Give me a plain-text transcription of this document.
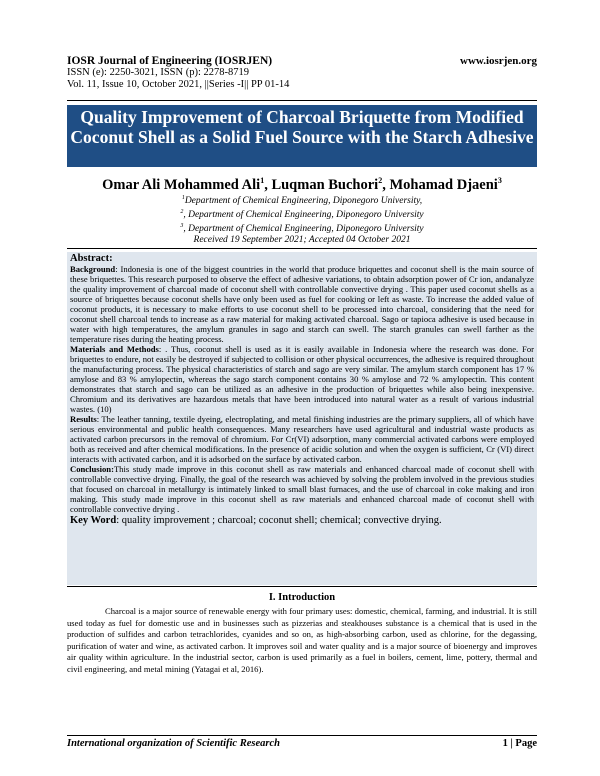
IOSR Journal of Engineering (IOSRJEN)	www.iosrjen.org
ISSN (e): 2250-3021, ISSN (p): 2278-8719
Vol. 11, Issue 10, October 2021, ||Series -I|| PP 01-14
Quality Improvement of Charcoal Briquette from Modified Coconut Shell as a Solid Fuel Source with the Starch Adhesive
Omar Ali Mohammed Ali$^1$, Luqman Buchori$^2$, Mohamad Djaeni$^3$
$^1$Department of Chemical Engineering, Diponegoro University,
$^2$, Department of Chemical Engineering, Diponegoro University
$^3$, Department of Chemical Engineering, Diponegoro University
Received 19 September 2021; Accepted 04 October 2021
Abstract:

Background: Indonesia is one of the biggest countries in the world that produce briquettes and coconut shell is the main source of these briquettes. This research purposed to observe the effect of adhesive variations, to obtain adsorption power of Cr ion, andanalyze the quality improvement of charcoal made of coconut shell with controllable convective drying . This paper used coconut shells as a source of briquettes because coconut shells have only been used as fuel for cooking or left as waste. To increase the added value of coconut products, it is necessary to make efforts to use coconut shell to be processed into charcoal, considering that the need for coconut shell charcoal tends to increase as a raw material for making activated charcoal. Sago or tapioca adhesive is used because in water with high temperatures, the amylum granules in sago and starch can swell. The starch granules can swell farther as the temperature rises during the heating process.

Materials and Methods: . Thus, coconut shell is used as it is easily available in Indonesia where the research was done. For briquettes to endure, not easily be destroyed if subjected to collision or other physical occurrences, the adhesive is required throughout the manufacturing process. The physical characteristics of starch and sago are very similar. The amylum starch component has 17 % amylose and 83 % amylopectin, whereas the sago starch component contains 30 % amylose and 72 % amylopectin. This content demonstrates that starch and sago can be utilized as an adhesive in the production of briquettes while also being inexpensive. Chromium and its derivatives are hazardous metals that have been introduced into natural water as a result of various industrial wastes. (10)

Results: The leather tanning, textile dyeing, electroplating, and metal finishing industries are the primary suppliers, all of which have serious environmental and public health consequences. Many researchers have used agricultural and industrial waste products as activated carbon precursors in the removal of chromium. For Cr(VI) adsorption, many commercial activated carbons were employed both as received and after chemical modifications. In the presence of acidic solution and when the oxygen is sufficient, Cr (VI) direct interacts with activated carbon, and it is adsorbed on the surface by activated carbon.

Conclusion:This study made improve in this coconut shell as raw materials and enhanced charcoal made of coconut shell with controllable convective drying. Finally, the goal of the research was achieved by solving the problem involved in the previous studies that focused on charcoal in metallurgy is intimately linked to small blast furnaces, and the use of charcoal in coke making and iron making. This study made improve in this coconut shell as raw materials and enhanced charcoal made of coconut shell with controllable convective drying .

Key Word: quality improvement ; charcoal; coconut shell; chemical; convective drying.

I. Introduction
Charcoal is a major source of renewable energy with four primary uses: domestic, chemical, farming, and industrial. It is still used today as fuel for domestic use and in businesses such as pizzerias and steakhouses substance is a chemical that is used in the production of sulfides and carbon tetrachlorides, cyanides and so on, as high-absorbing carbon, used as chlorine, for the degassing, purification of water and wine, as activated carbon. It improves soil and water quality and is a major source of bioenergy and improves air quality within agriculture. In the industrial sector, carbon is used primarily as a fuel in boilers, cement, lime, pottery, thermal and civil engineering, and metal mining (Yatagai et al, 2016).
International organization of Scientific Research	1 | Page
